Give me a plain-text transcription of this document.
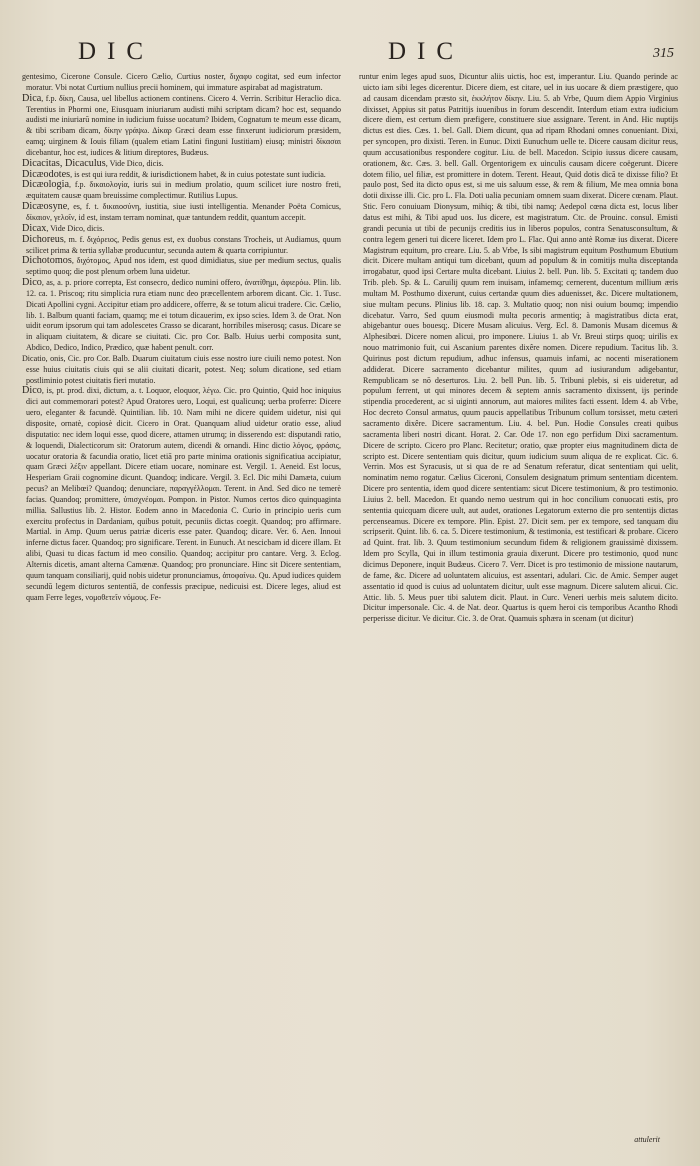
DIC	DIC	315

gentesimo, Cicerone Consule. Cicero Cælio, Curtius noster, διχαφυ cogitat, sed eum infector moratur. Vbi notat Curtium nullius precii hominem, qui immature aspirabat ad magistratum.

Dica, f.p. δίκη, Causa, uel libellus actionem continens. Cicero 4. Verrin. Scribitur Heraclio dica. Terentius in Phormi one, Eiusquam iniuriarum audisti mihi scriptam dicam? hoc est, sequando audisti me iniuriarū nomine in iudicium fuisse uocatum? Ibidem, Cognatum te meum esse dicam, & tibi scribam dicam, δίκην γράψω. Δίκαρ Græci deam esse finxerunt iudiciorum præsidem, eamq; uirginem & Iouis filiam (qualem etiam Latini finguni Iustitiam) eiusq; ministri δίκασαι dicebantur, hoc est, iudices & litium direptores, Budæus.

Dicacitas, Dicaculus, Vide Dico, dicis.

Dicæodotes, is est qui iura reddit, & iurisdictionem habet, & in cuius potestate sunt iudicia.

Dicæologia, f.p. δικαιολογία, iuris sui in medium prolatio, quum scilicet iure nostro freti, æquitatem causæ quam breuissime complectimur. Rutilius Lupus.

Dicæosyne, es, f. t. δικαιοσύνη, iustitia, siue iusti intelligentia. Menander Poëta Comicus, δίκαιον, γελοῖν, id est, instam terram nominat, quæ tantundem reddit, quantum accepit.

Dicax, Vide Dico, dicis.

Dichoreus, m. f. διχόρειος, Pedis genus est, ex duobus constans Trocheis, ut Audiamus, quum scilicet prima & tertia syllabæ producuntur, secunda autem & quarta corripiuntur.

Dichotomos, διχότομος, Apud nos idem, est quod dimidiatus, siue per medium sectus, qualis septimo quoq; die post plenum orbem luna uidetur.

Dico, as, a. p. priore correpta, Est consecro, dedico numini offero, ἀνατίθημι, ἀφιερόω. Plin. lib. 12. ca. 1. Priscoq; ritu simplicia rura etiam nunc deo præcellentem arborem dicant. Cic. 1. Tusc. Dicati Apollini cygni. Accipitur etiam pro addicere, offerre, & se totum alicui tradere. Cic. Cælio, lib. 1. Balbum quanti faciam, quamq; me ei totum dicauerim, ex ipso scies. Idem 3. de Orat. Non uidit eorum ipsorum qui tam adolescetes Crasso se dicarant, horribiles miserosq; casus. Dicare se in aliquam ciuitatem, & dicare se ciuitati. Cic. pro Cor. Balb. Huius uerbi composita sunt, Abdico, Dedico, Indico, Prædico, quæ habent penult. corr.

Dicatio, onis, Cic. pro Cor. Balb. Duarum ciuitatum ciuis esse nostro iure ciuili nemo potest. Non esse huius ciuitatis ciuis qui se alii ciuitati dicarit, potest. Neq; solum dicatione, sed etiam postliminio potest ciuitatis fieri mutatio.

Dico, is, pt. prod. dixi, dictum, a. t. Loquor, eloquor, λέγω. Cic. pro Quintio, Quid hoc iniquius dici aut commemorari potest? Apud Oratores uero, Loqui, est qualicunq; uerba proferre: Dicere uero, eleganter & facundè. Quintilian. lib. 10. Nam mihi ne dicere quidem uidetur, nisi qui disposite, ornatè, copiosè dicit. Cicero in Orat. Quanquam aliud uidetur oratio esse, aliud disputatio: nec idem loqui esse, quod dicere, attamen utrumq; in disserendo est: disputandi ratio, & loquendi, Dialecticorum sit: Oratorum autem, dicendi & ornandi. Hinc dictio λόγος, φράσις, uocatur oratoria & facundia oratio, licet etiā pro parte minima orationis significatiua accipiatur, quam Græci λέξιν appellant. Dicere etiam uocare, nominare est. Vergil. 1. Aeneid. Est locus, Hesperiam Graii cognomine dicunt. Quandoq; indicare. Vergil. 3. Ecl. Dic mihi Damæta, cuium pecus? an Melibœi? Quandoq; denunciare, παραγγέλλομαι. Terent. in And. Sed dico ne temerè facias. Quandoq; promittere, ὑπισχνέομαι. Pompon. in Pistor. Numos certos dico quinquaginta millia. Sallustius lib. 2. Histor. Eodem anno in Macedonia C. Curio in principio ueris cum exercitu profectus in Dardaniam, quibus potuit, pecuniis dictas coegit. Quandoq; pro affirmare. Martial. in Amp. Quum uerus patriæ diceris esse pater. Quandoq; dicare. Ver. 6. Aen. Innoui inferne dictus facer. Quandoq; pro significare. Terent. in Eunuch. At nescicbam id dicere illam. Et alibi, Quasi tu dicas factum id meo consilio. Quandoq; accipitur pro cantare. Verg. 3. Eclog. Alternis dicetis, amant alterna Camœnæ. Quandoq; pro pronunciare. Hinc sit Dicere sententiam, quum tanquam consiliarij, quid nobis uidetur pronunciamus, ἀποφαίνω. Qu. Apud iudices quidem secundū legem dicturos sententiā, de confessis præcipue, nedicuisi est. Dicere leges, aliud est quam Ferre leges, νομοθετεῖν νόμους. Fe-

runtur enim leges apud suos, Dicuntur aliis uictis, hoc est, imperantur. Liu. Quando perinde ac uicto iam sibi leges dicerentur. Dicere diem, est citare, uel in ius uocare & diem præstigere, quo ad causam dicendam præsto sit, ἐκκλήτον δίκην. Liu. 5. ab Vrbe, Quum diem Appio Virginius dixisset, Appius sit patus Patritijs iuuenibus in forum descendit. Interdum etiam extra iudicium dicere diem, est certum diem præfigere, constituere siue assignare. Terent. in And. Hic nuptijs dictus est dies. Cæs. 1. bel. Gall. Diem dicunt, qua ad ripam Rhodani omnes conueniant. Dixi, per syncopen, pro dixisti. Teren. in Eunuc. Dixti Eunuchum uelle te. Dicere causam dicitur reus, quum accusationibus respondere cogitur. Liu. de bell. Macedon. Scipio iussus dicere causam, orationem, &c. Cæs. 3. bell. Gall. Orgentorigem ex uinculis causam dicere coëgerunt. Dicere dotem filio, uel filiæ, est promittere in dotem. Terent. Heaut, Quid dotis dicā te dixisse filio? Et paulo post, Sed ita dicto opus est, si me uis saluum esse, & rem & filium, Me mea omnia bona dotii dixisse illi. Cic. pro L. Fla. Doti ualia pecuniam omnem suam dixerat. Dicere cœnam. Plaut. Stic. Fero conuiuam Dionysum, mihiq; & tibi, tibi namq; Aedepol cœna dicta est, locus liber datus est mihi, & Tibi apud uos. Ius dicere, est magistratum. Ctc. de Prouinc. consul. Emisti grandi pecunia ut tibi de pecunijs creditis ius in liberos populos, contra Senatusconsultum, & contra legem generi tui dicere liceret. Idem pro L. Flac. Qui anno antè Romæ ius dixerat. Dicere Magistrum equitum, pro creare. Liu. 5. ab Vrbe, Is sibi magistrum equitum Posthumum Ebutium dicit. Dicere multam antiqui tum dicebant, quum ad populum & in comitijs multa disceptanda irrogabatur, quod ipsi Certare multa dicebant. Liuius 2. bell. Pun. lib. 5. Excitati q; tandem duo Trib. pleb. Sp. & L. Caruilij quum rem inuisam, infamemq; cernerent, ducentum millium æris multam M. Posthumo dixerunt, cuius certandæ quum dies aduenisset, &c. Dicere multationem, siue multam pecuns. Plinius lib. 18. cap. 3. Multatio quoq; non nisi ouium boumq; impendio dicebatur. Varro, Sed quum eiusmodi multa pecoris armentiq; à magistratibus dicta erat, abigebantur oues bouesq;. Dicere Musam alicuius. Verg. Ecl. 8. Damonis Musam dicemus & Alphesibœi. Dicere nomen alicui, pro imponere. Liuius 1. ab Vr. Breui stirps quoq; uirilis ex nouo matrimonio fuit, cui Ascanium parentes dixêre nomen. Dicere repudium. Tacitus lib. 3. Quirinus post dictum repudium, adhuc infensus, quamuis infami, ac nocenti miserationem addiderat. Dicere sacramento dicebantur milites, quum ad iusiurandum adigebantur, Rempublicam se nō deserturos. Liu. 2. bell Pun. lib. 5. Tribuni plebis, si eis uideretur, ad populum ferrent, ut qui minores decem & septem annis sacramento dixissent, ijs perinde stipendia procederent, ac si uiginti annorum, aut maiores milites facti essent. Idem 4. ab Vrbe, Hoc decreto Consul armatus, quum paucis appellatibus Tribunum collum torsisset, metu cæteri sacramento dixêre. Dicere sacramentum. Liu. 4. bel. Pun. Hodie Consules creati quibus sacramenta liberi nostri dicant. Horat. 2. Car. Ode 17. non ego perfidum Dixi sacramentum. Dicere de scripto. Cicero pro Planc. Recitetur; oratio, quæ propter eius magnitudinem dicta de scripto est. Dicere sententiam quis dicitur, quum iudicium suum aliqua de re explicat. Cic. 6. Verrin. Mos est Syracusis, ut si qua de re ad Senatum referatur, dicat sententiam qui uelit, nominatim nemo rogatur. Cælius Ciceroni, Consulem designatum primum sententiam dicentem. Dicere pro sententia, idem quod dicere sententiam: sicut Dicere testimonium, & pro testimonio. Liuius 2. bell. Macedon. Et quando nemo uestrum qui in hoc concilium conuocati estis, pro sententia quicquam dicere uult, aut audet, orationes Legatorum externo die pro sententijs dictas percenseamus. Dicere ex tempore. Plin. Epist. 27. Dicit sem. per ex tempore, sed tanquam diu scripserit. Quint. lib. 6. ca. 5. Dicere testimonium, & testimonia, est testificari & probare. Cicero ad Quint. frat. lib. 3. Quum testimonium secundum fidem & religionem grauissimè dixissem. Idem pro Scylla, Qui in illum testimonia grauia dixerunt. Dicere pro testimonio, quod nunc dicimus Deponere, inquit Budæus. Cicero 7. Verr. Dicet is pro testimonio de missione nautarum, de fame, &c. Dicere ad uoluntatem alicuius, est assentari, adulari. Cic. de Amic. Semper auget assentatio id quod is cuius ad uoluntatem dicitur, uult esse magnum. Dicere salutem alicui. Cic. Attic. lib. 5. Meus puer tibi salutem dicit. Plaut. in Curc. Veneri uerbis meis salutem dicito. Dicitur impersonale. Cic. 4. de Nat. deor. Quartus is quem heroi cis temporibus Acantho Rhodi perperisse dicitur. Ve dicitur. Cic. 3. de Orat. Quamuis sphæra in scenam (ut dicitur)

attulerit
